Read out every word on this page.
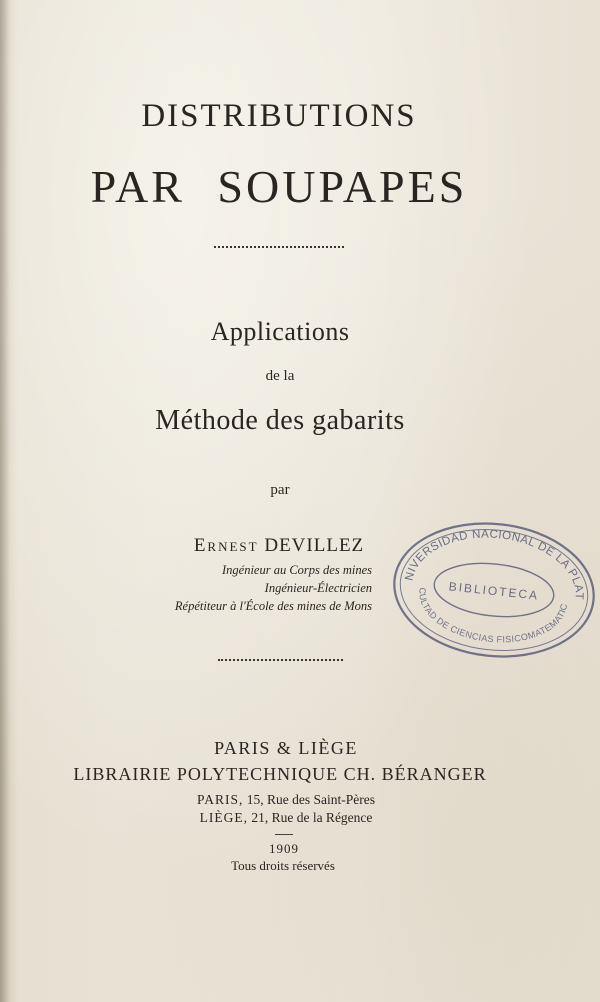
DISTRIBUTIONS
PAR SOUPAPES

Applications

de la

Méthode des gabarits

par

Ernest DEVILLEZ

Ingénieur au Corps des mines

Ingénieur-Électricien

Répétiteur à l'École des mines de Mons

PARIS & LIÈGE

LIBRAIRIE POLYTECHNIQUE CH. BÉRANGER

PARIS, 15, Rue des Saint-Pères

LIÈGE, 21, Rue de la Régence

1909

Tous droits réservés

UNIVERSIDAD NACIONAL DE LA PLATA
BIBLIOTECA
FACULTAD DE CIENCIAS FISICOMATEMATICAS
